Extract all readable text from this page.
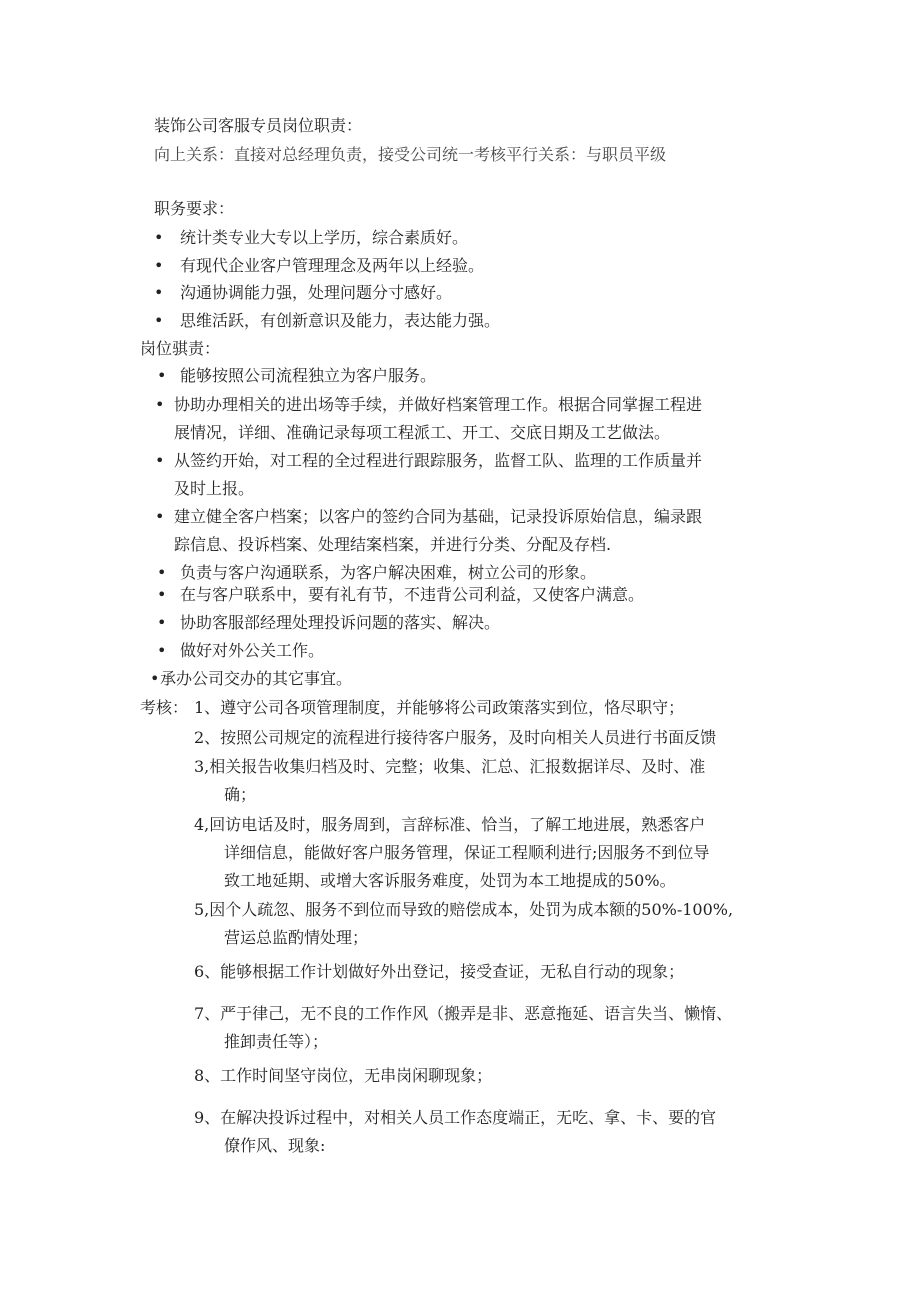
装饰公司客服专员岗位职责：
向上关系：直接对总经理负责，接受公司统一考核平行关系：与职员平级
职务要求：
• 统计类专业大专以上学历，综合素质好。
• 有现代企业客户管理理念及两年以上经验。
• 沟通协调能力强，处理问题分寸感好。
• 思维活跃，有创新意识及能力，表达能力强。
岗位骐责：
• 能够按照公司流程独立为客户服务。
• 协助办理相关的进出场等手续，并做好档案管理工作。根据合同掌握工程进
展情况，详细、准确记录每项工程派工、开工、交底日期及工艺做法。
• 从签约开始，对工程的全过程进行跟踪服务，监督工队、监理的工作质量并
及时上报。
• 建立健全客户档案；以客户的签约合同为基础，记录投诉原始信息，编录跟
踪信息、投诉档案、处理结案档案，并进行分类、分配及存档.
• 负责与客户沟通联系，为客户解决困难，树立公司的形象。
• 在与客户联系中，要有礼有节，不违背公司利益，又使客户满意。
• 协助客服部经理处理投诉问题的落实、解决。
• 做好对外公关工作。
• 承办公司交办的其它事宜。
考核： 1、遵守公司各项管理制度，并能够将公司政策落实到位，恪尽职守；
2、按照公司规定的流程进行接待客户服务，及时向相关人员进行书面反馈
3,相关报告收集归档及时、完整；收集、汇总、汇报数据详尽、及时、准
确；
4,回访电话及时，服务周到，言辞标准、恰当，了解工地进展，熟悉客户
详细信息，能做好客户服务管理，保证工程顺利进行;因服务不到位导
致工地延期、或增大客诉服务难度，处罚为本工地提成的50%。
5,因个人疏忽、服务不到位而导致的赔偿成本，处罚为成本额的50%-100%,
营运总监酌情处理；
6、能够根据工作计划做好外出登记，接受查证，无私自行动的现象；
7、严于律己，无不良的工作作风（搬弄是非、恶意拖延、语言失当、懒惰、
推卸责任等）；
8、工作时间坚守岗位，无串岗闲聊现象；
9、在解决投诉过程中，对相关人员工作态度端正，无吃、拿、卡、要的官
僚作风、现象:
